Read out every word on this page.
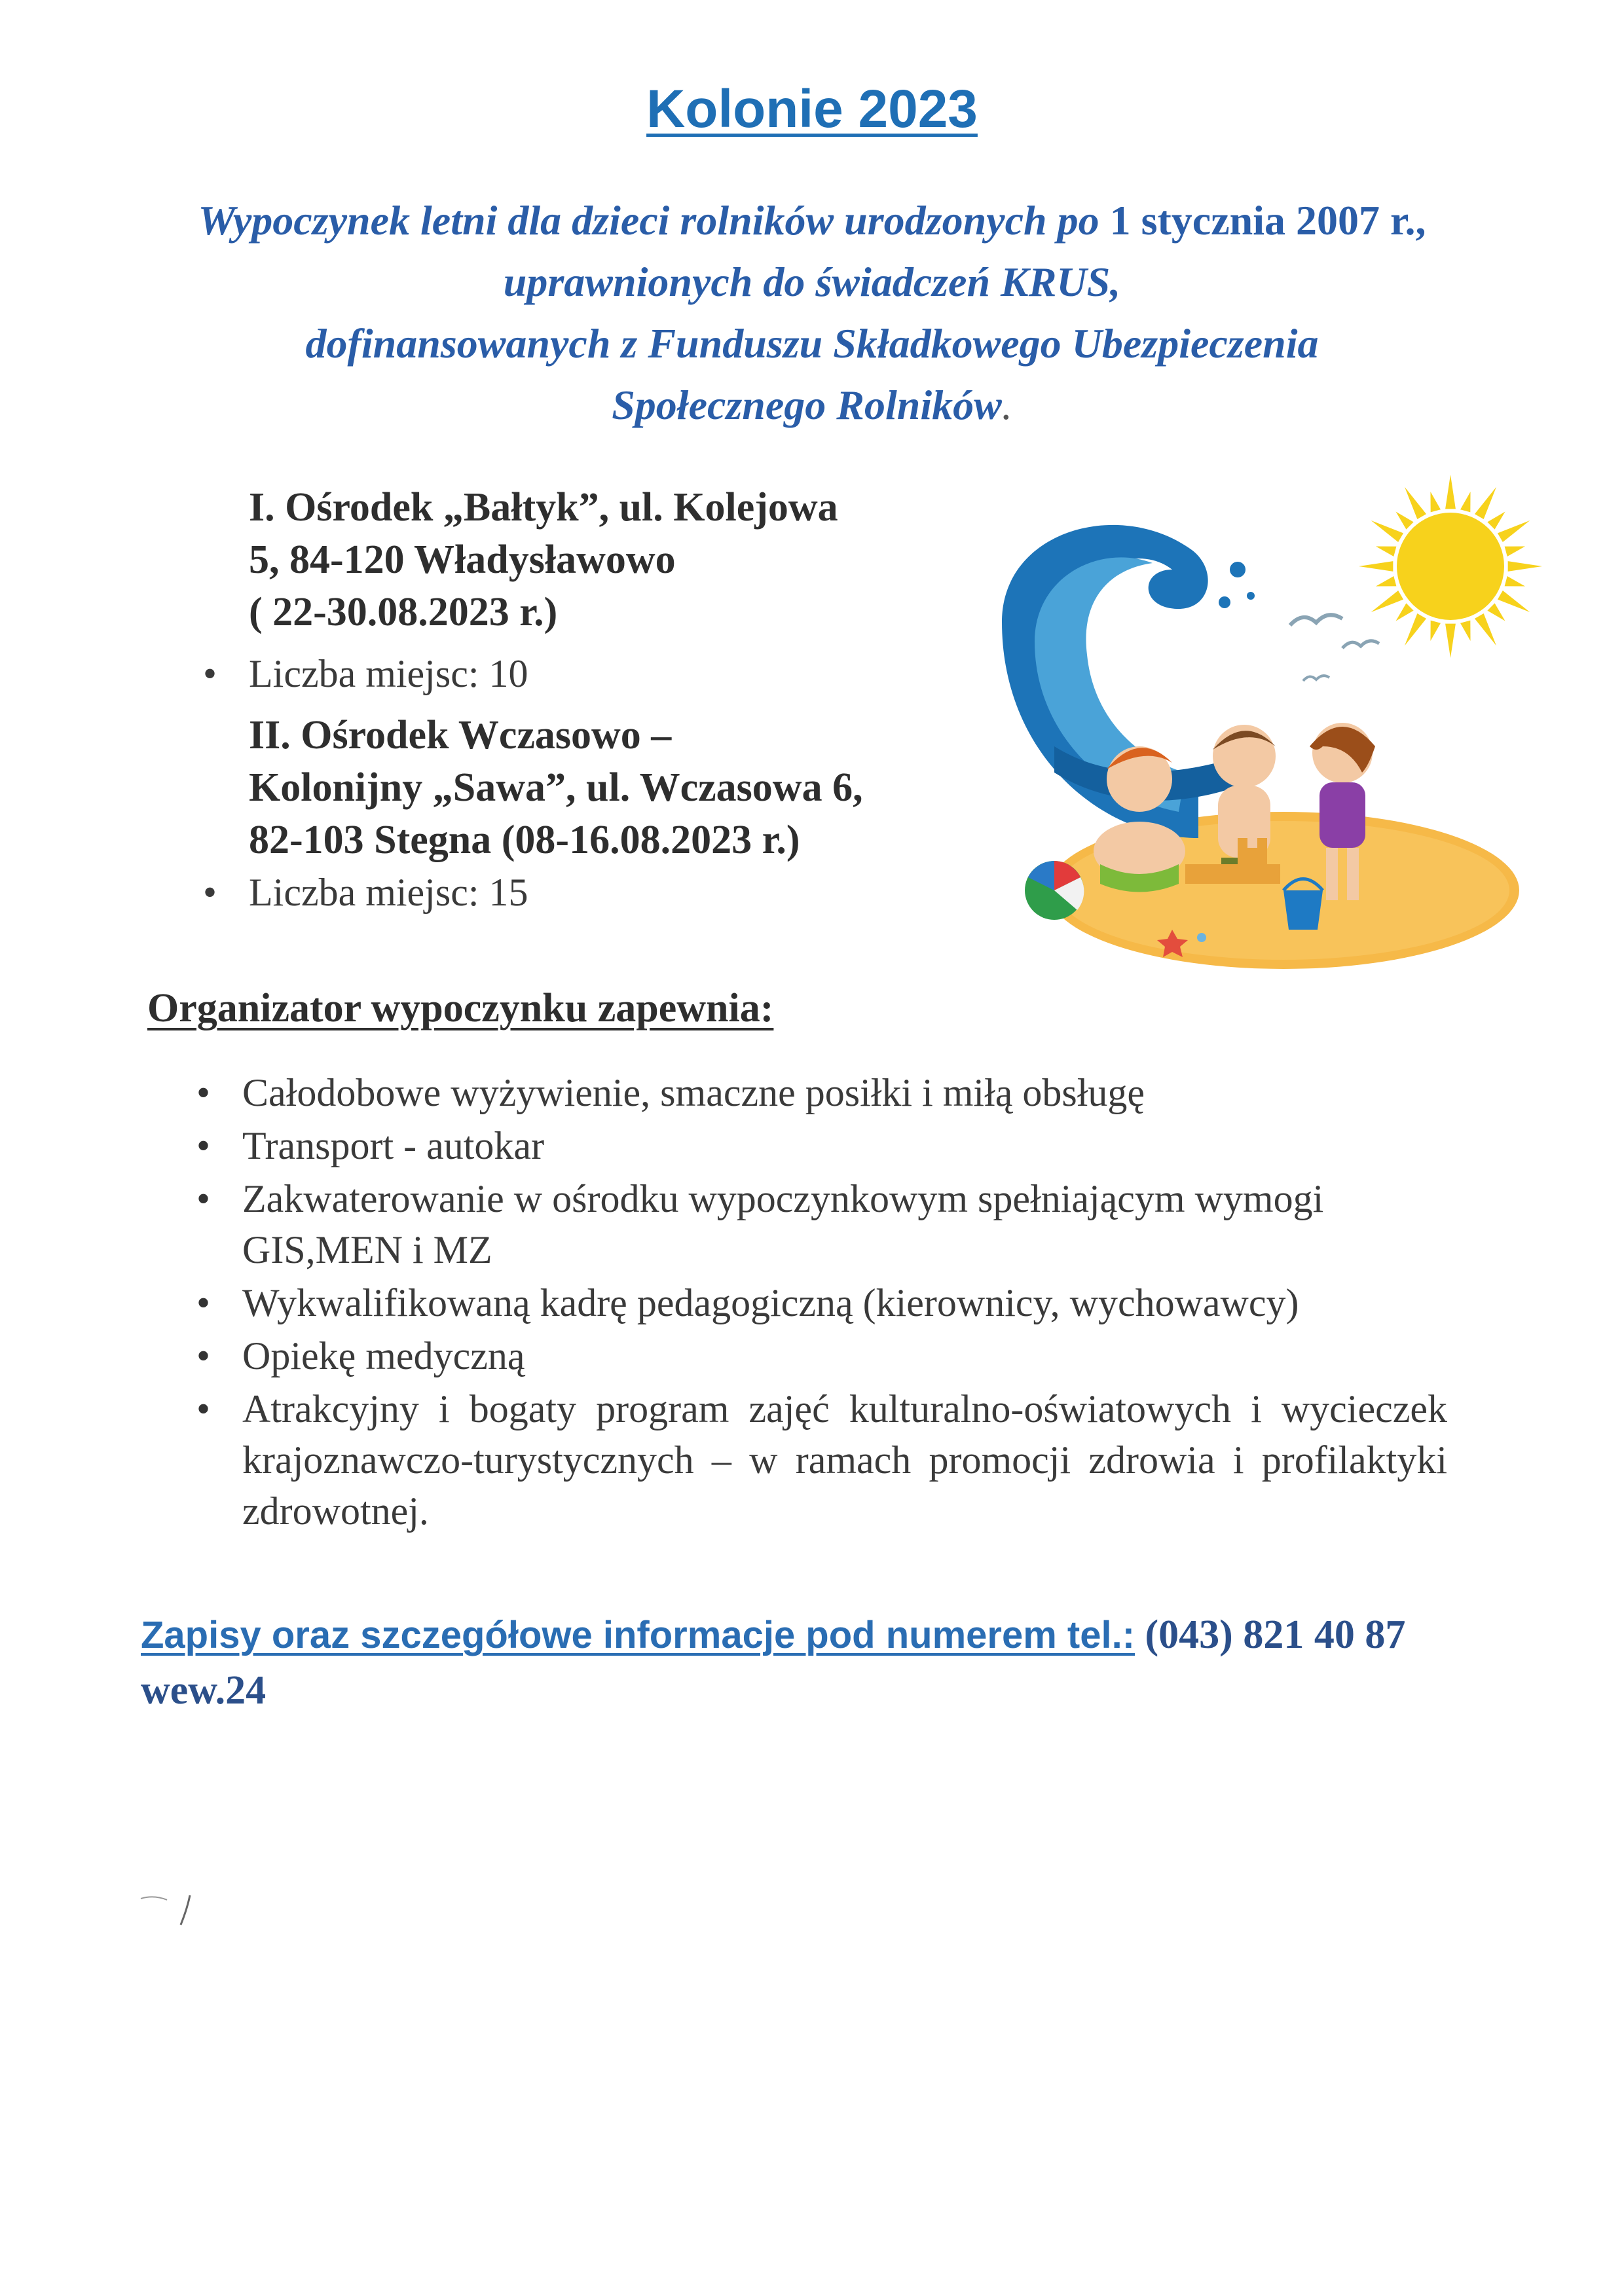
Kolonie 2023
Wypoczynek letni dla dzieci rolników urodzonych po 1 stycznia 2007 r.,
uprawnionych do świadczeń KRUS,
dofinansowanych z Funduszu Składkowego Ubezpieczenia
Społecznego Rolników.

I. Ośrodek „Bałtyk”, ul. Kolejowa

5, 84-120 Władysławowo

( 22-30.08.2023 r.)

• Liczba miejsc: 10

II. Ośrodek Wczasowo –

Kolonijny „Sawa”, ul. Wczasowa 6,

82-103 Stegna (08-16.08.2023 r.)

• Liczba miejsc: 15

Organizator wypoczynku zapewnia:
• Całodobowe wyżywienie, smaczne posiłki i miłą obsługę
• Transport - autokar
• Zakwaterowanie w ośrodku wypoczynkowym spełniającym wymogi GIS,MEN i MZ
• Wykwalifikowaną kadrę pedagogiczną (kierownicy, wychowawcy)
• Opiekę medyczną
• Atrakcyjny i bogaty program zajęć kulturalno-oświatowych i wycieczek krajoznawczo-turystycznych – w ramach promocji zdrowia i profilaktyki zdrowotnej.
Zapisy oraz szczegółowe informacje pod numerem tel.: (043) 821 40 87
wew.24
